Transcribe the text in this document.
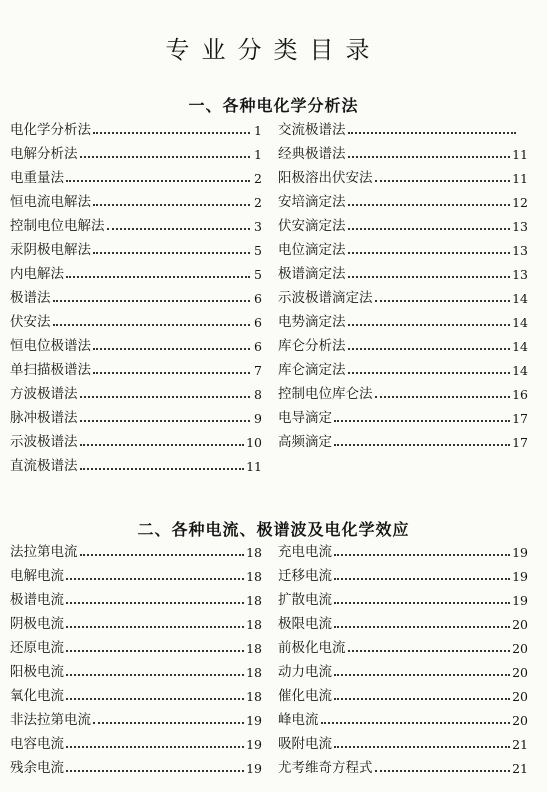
专业分类目录
一、各种电化学分析法
电化学分析法	1
电解分析法	1
电重量法	2
恒电流电解法	2
控制电位电解法	3
汞阴极电解法	5
内电解法	5
极谱法	6
伏安法	6
恒电位极谱法	6
单扫描极谱法	7
方波极谱法	8
脉冲极谱法	9
示波极谱法	10
直流极谱法	11
交流极谱法
经典极谱法	11
阳极溶出伏安法	11
安培滴定法	12
伏安滴定法	13
电位滴定法	13
极谱滴定法	13
示波极谱滴定法	14
电势滴定法	14
库仑分析法	14
库仑滴定法	14
控制电位库仑法	16
电导滴定	17
高频滴定	17
二、各种电流、极谱波及电化学效应
法拉第电流	18
电解电流	18
极谱电流	18
阴极电流	18
还原电流	18
阳极电流	18
氧化电流	18
非法拉第电流	19
电容电流	19
残余电流	19
充电电流	19
迁移电流	19
扩散电流	19
极限电流	20
前极化电流	20
动力电流	20
催化电流	20
峰电流	20
吸附电流	21
尤考维奇方程式	21
